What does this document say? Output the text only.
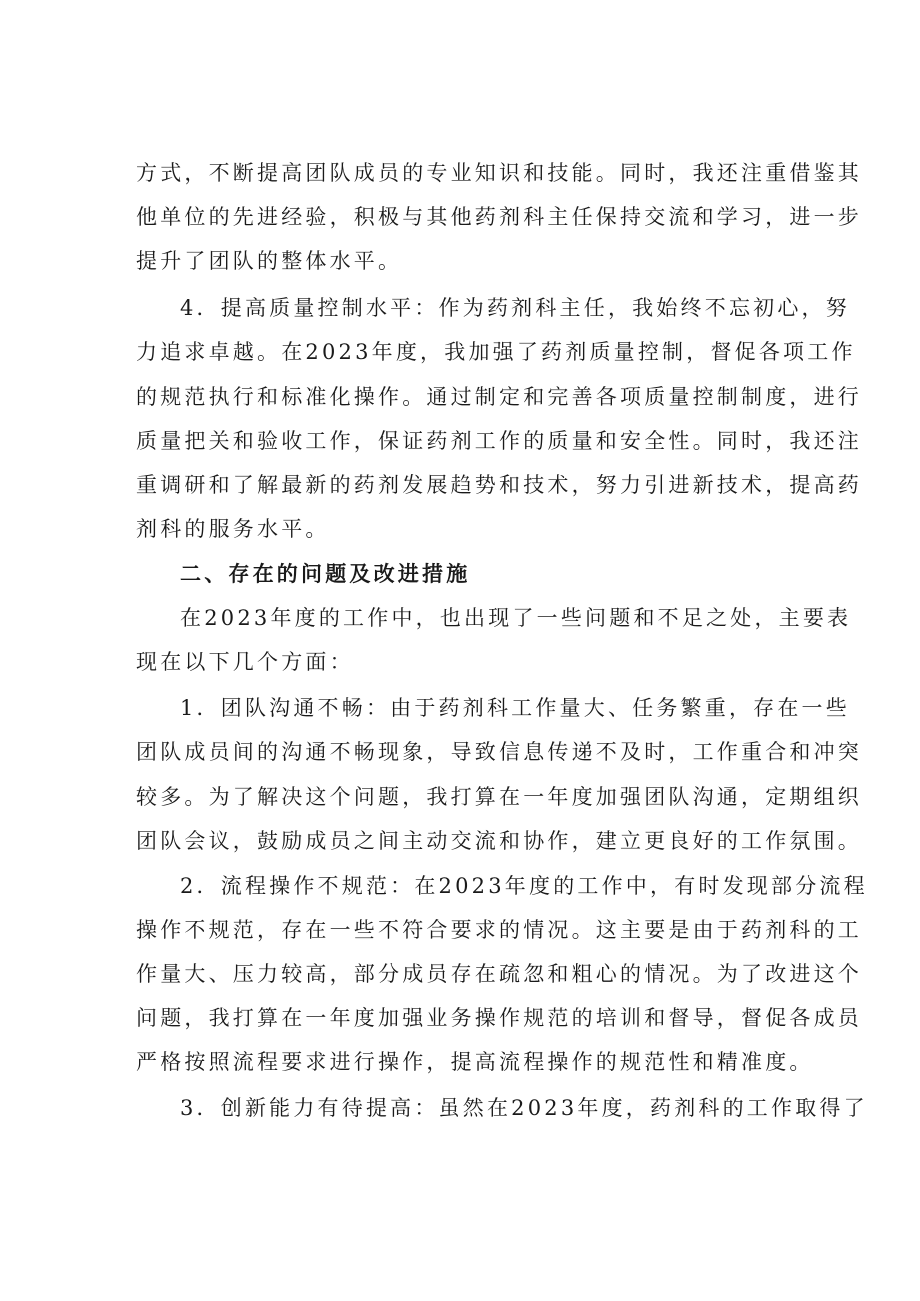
方式，不断提高团队成员的专业知识和技能。同时，我还注重借鉴其
他单位的先进经验，积极与其他药剂科主任保持交流和学习，进一步
提升了团队的整体水平。
4．提高质量控制水平：作为药剂科主任，我始终不忘初心，努
力追求卓越。在2023年度，我加强了药剂质量控制，督促各项工作
的规范执行和标准化操作。通过制定和完善各项质量控制制度，进行
质量把关和验收工作，保证药剂工作的质量和安全性。同时，我还注
重调研和了解最新的药剂发展趋势和技术，努力引进新技术，提高药
剂科的服务水平。
二、存在的问题及改进措施
在2023年度的工作中，也出现了一些问题和不足之处，主要表
现在以下几个方面：
1．团队沟通不畅：由于药剂科工作量大、任务繁重，存在一些
团队成员间的沟通不畅现象，导致信息传递不及时，工作重合和冲突
较多。为了解决这个问题，我打算在一年度加强团队沟通，定期组织
团队会议，鼓励成员之间主动交流和协作，建立更良好的工作氛围。
2．流程操作不规范：在2023年度的工作中，有时发现部分流程
操作不规范，存在一些不符合要求的情况。这主要是由于药剂科的工
作量大、压力较高，部分成员存在疏忽和粗心的情况。为了改进这个
问题，我打算在一年度加强业务操作规范的培训和督导，督促各成员
严格按照流程要求进行操作，提高流程操作的规范性和精准度。
3．创新能力有待提高：虽然在2023年度，药剂科的工作取得了
